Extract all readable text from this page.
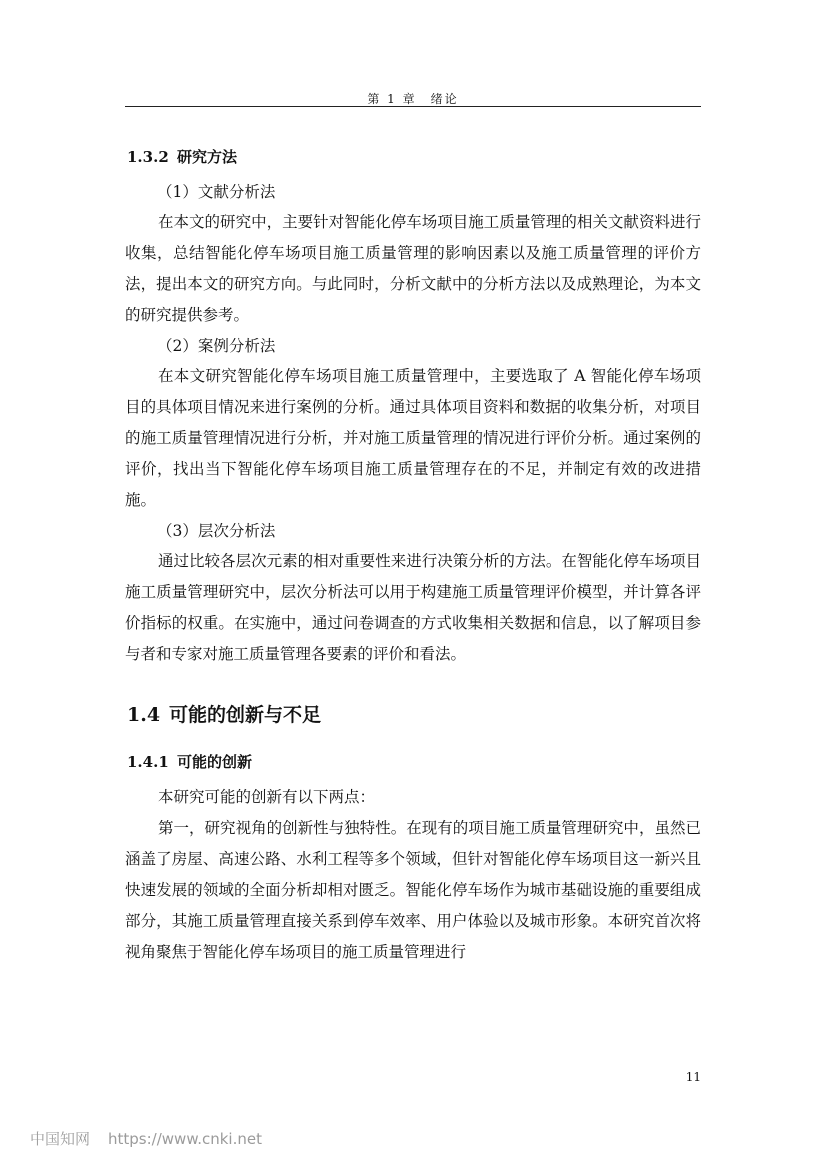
第 1 章　绪论
1.3.2 研究方法

（1）文献分析法

在本文的研究中，主要针对智能化停车场项目施工质量管理的相关文献资料进行收集，总结智能化停车场项目施工质量管理的影响因素以及施工质量管理的评价方法，提出本文的研究方向。与此同时，分析文献中的分析方法以及成熟理论，为本文的研究提供参考。

（2）案例分析法

在本文研究智能化停车场项目施工质量管理中，主要选取了 A 智能化停车场项目的具体项目情况来进行案例的分析。通过具体项目资料和数据的收集分析，对项目的施工质量管理情况进行分析，并对施工质量管理的情况进行评价分析。通过案例的评价，找出当下智能化停车场项目施工质量管理存在的不足，并制定有效的改进措施。

（3）层次分析法

通过比较各层次元素的相对重要性来进行决策分析的方法。在智能化停车场项目施工质量管理研究中，层次分析法可以用于构建施工质量管理评价模型，并计算各评价指标的权重。在实施中，通过问卷调查的方式收集相关数据和信息，以了解项目参与者和专家对施工质量管理各要素的评价和看法。

1.4 可能的创新与不足
1.4.1 可能的创新

本研究可能的创新有以下两点：

第一，研究视角的创新性与独特性。在现有的项目施工质量管理研究中，虽然已涵盖了房屋、高速公路、水利工程等多个领域，但针对智能化停车场项目这一新兴且快速发展的领域的全面分析却相对匮乏。智能化停车场作为城市基础设施的重要组成部分，其施工质量管理直接关系到停车效率、用户体验以及城市形象。本研究首次将视角聚焦于智能化停车场项目的施工质量管理进行

11
中国知网 https://www.cnki.net
